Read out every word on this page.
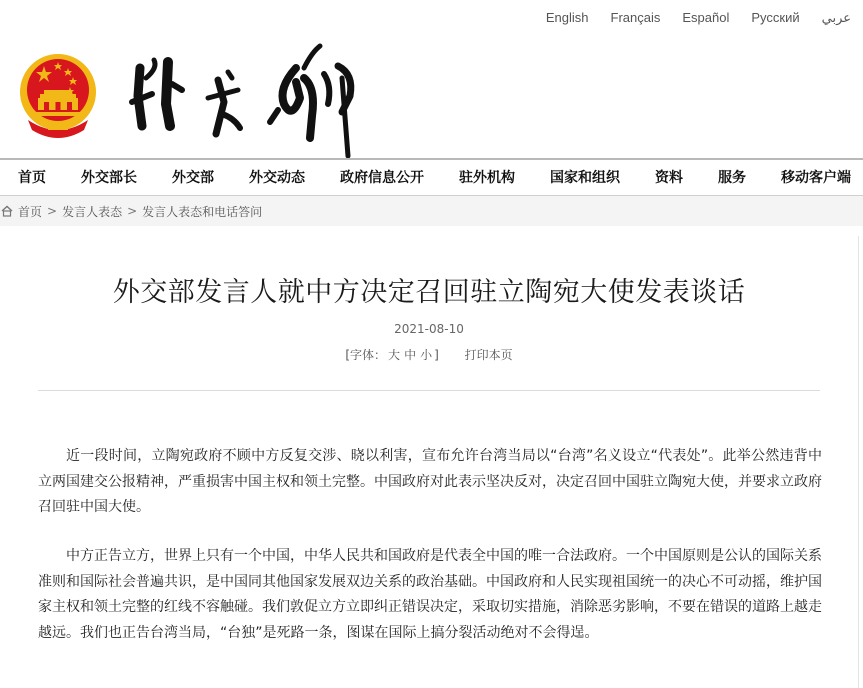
English Français Español Русский عربي
首页	外交部长	外交部	外交动态	政府信息公开	驻外机构	国家和组织	资料	服务	移动客户端
首页 > 发言人表态 > 发言人表态和电话答问
外交部发言人就中方决定召回驻立陶宛大使发表谈话
2021-08-10
[字体： 大 中 小 ] 打印本页

近一段时间，立陶宛政府不顾中方反复交涉、晓以利害，宣布允许台湾当局以“台湾”名义设立“代表处”。此举公然违背中立两国建交公报精神，严重损害中国主权和领土完整。中国政府对此表示坚决反对，决定召回中国驻立陶宛大使，并要求立政府召回驻中国大使。

中方正告立方，世界上只有一个中国，中华人民共和国政府是代表全中国的唯一合法政府。一个中国原则是公认的国际关系准则和国际社会普遍共识，是中国同其他国家发展双边关系的政治基础。中国政府和人民实现祖国统一的决心不可动摇，维护国家主权和领土完整的红线不容触碰。我们敦促立方立即纠正错误决定，采取切实措施，消除恶劣影响，不要在错误的道路上越走越远。我们也正告台湾当局，“台独”是死路一条，图谋在国际上搞分裂活动绝对不会得逞。
